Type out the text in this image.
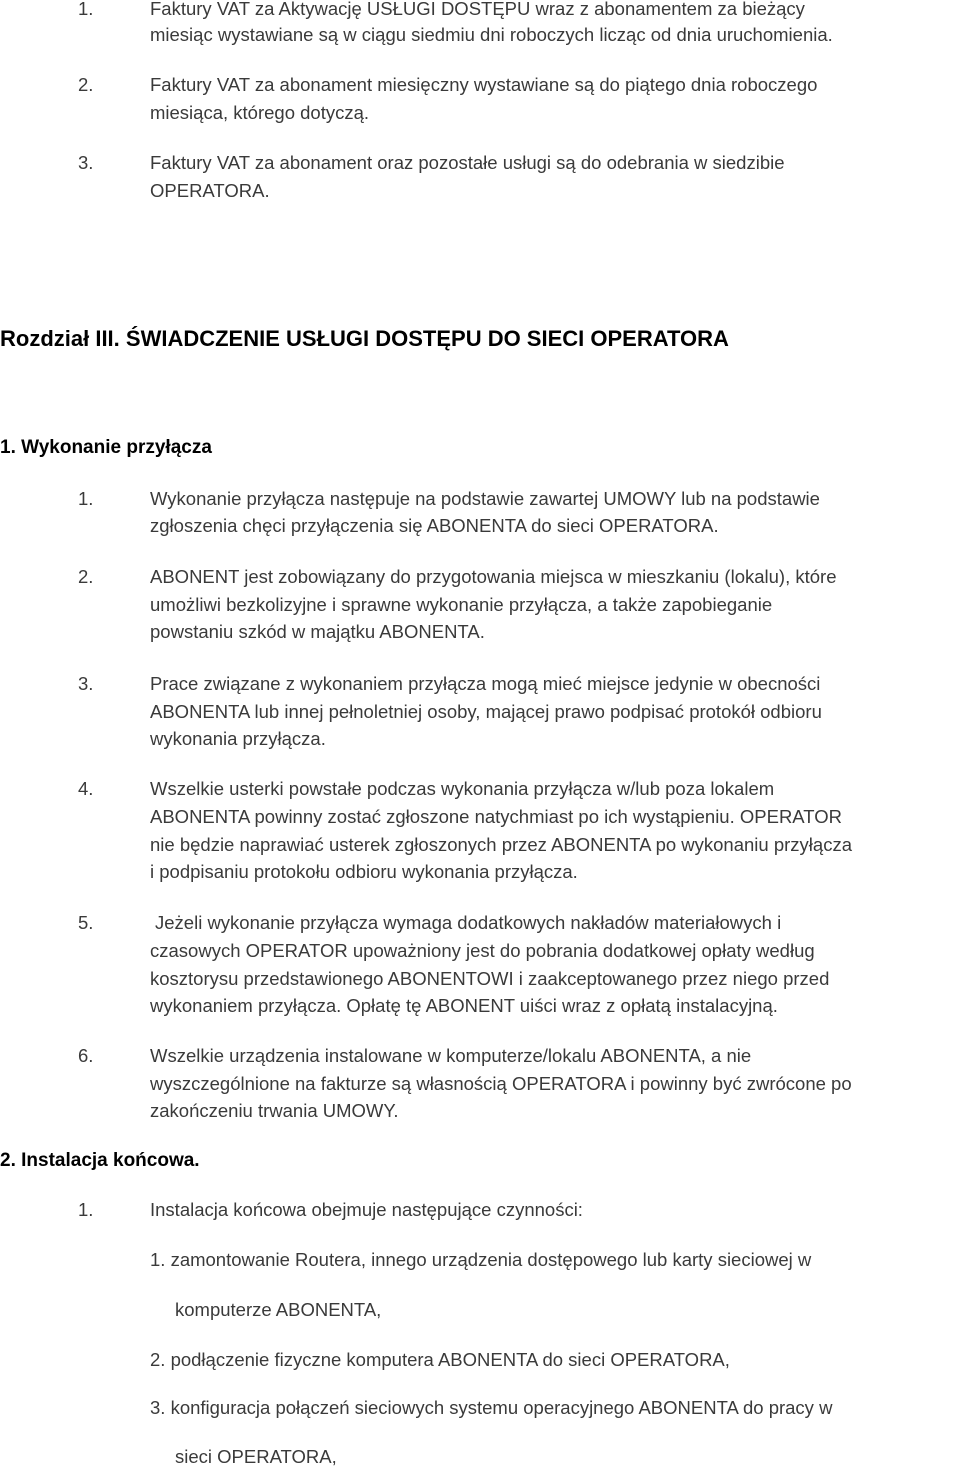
1.	Faktury VAT za Aktywację USŁUGI DOSTĘPU wraz z abonamentem za bieżący
miesiąc wystawiane są w ciągu siedmiu dni roboczych licząc od dnia uruchomienia.
2.	Faktury VAT za abonament miesięczny wystawiane są do piątego dnia roboczego
miesiąca, którego dotyczą.
3.	Faktury VAT za abonament oraz pozostałe usługi są do odebrania w siedzibie
OPERATORA.
Rozdział III. ŚWIADCZENIE USŁUGI DOSTĘPU DO SIECI OPERATORA
1. Wykonanie przyłącza
1.	Wykonanie przyłącza następuje na podstawie zawartej UMOWY lub na podstawie
zgłoszenia chęci przyłączenia się ABONENTA do sieci OPERATORA.
2.	ABONENT jest zobowiązany do przygotowania miejsca w mieszkaniu (lokalu), które
umożliwi bezkolizyjne i sprawne wykonanie przyłącza, a także zapobieganie
powstaniu szkód w majątku ABONENTA.
3.	Prace związane z wykonaniem przyłącza mogą mieć miejsce jedynie w obecności
ABONENTA lub innej pełnoletniej osoby, mającej prawo podpisać protokół odbioru
wykonania przyłącza.
4.	Wszelkie usterki powstałe podczas wykonania przyłącza w/lub poza lokalem
ABONENTA powinny zostać zgłoszone natychmiast po ich wystąpieniu. OPERATOR
nie będzie naprawiać usterek zgłoszonych przez ABONENTA po wykonaniu przyłącza
i podpisaniu protokołu odbioru wykonania przyłącza.
5.	Jeżeli wykonanie przyłącza wymaga dodatkowych nakładów materiałowych i
czasowych OPERATOR upoważniony jest do pobrania dodatkowej opłaty według
kosztorysu przedstawionego ABONENTOWI i zaakceptowanego przez niego przed
wykonaniem przyłącza. Opłatę tę ABONENT uiści wraz z opłatą instalacyjną.
6.	Wszelkie urządzenia instalowane w komputerze/lokalu ABONENTA, a nie
wyszczególnione na fakturze są własnością OPERATORA i powinny być zwrócone po
zakończeniu trwania UMOWY.
2. Instalacja końcowa.
1.	Instalacja końcowa obejmuje następujące czynności:
1. zamontowanie Routera, innego urządzenia dostępowego lub karty sieciowej w
komputerze ABONENTA,
2. podłączenie fizyczne komputera ABONENTA do sieci OPERATORA,
3. konfiguracja połączeń sieciowych systemu operacyjnego ABONENTA do pracy w
sieci OPERATORA,
